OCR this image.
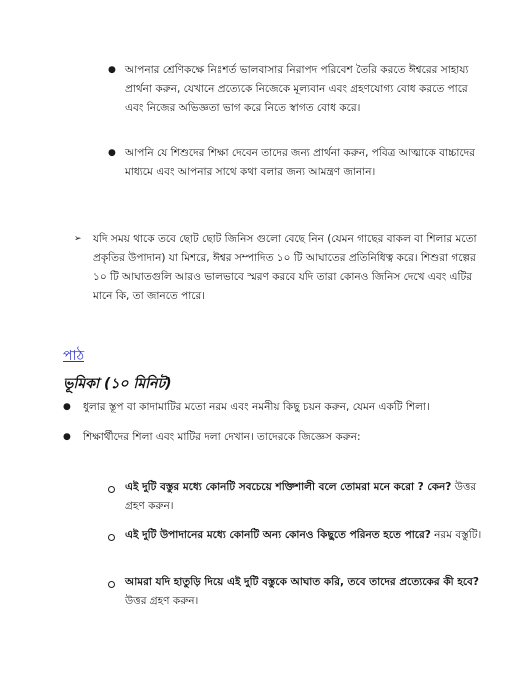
● আপনার শ্রেণিকক্ষে নিঃশর্ত ভালবাসার নিরাপদ পরিবেশ তৈরি করতে ঈশ্বরের সাহায্য প্রার্থনা করুন, যেখানে প্রত্যেকে নিজেকে মূল্যবান এবং গ্রহণযোগ্য বোধ করতে পারে এবং নিজের অভিজ্ঞতা ভাগ করে নিতে স্বাগত বোধ করে।

● আপনি যে শিশুদের শিক্ষা দেবেন তাদের জন্য প্রার্থনা করুন, পবিত্র আত্মাকে বাচ্চাদের মাধ্যমে এবং আপনার সাথে কথা বলার জন্য আমন্ত্রণ জানান।

➢ যদি সময় থাকে তবে ছোট ছোট জিনিস গুলো বেছে নিন (যেমন গাছের বাকল বা শিলার মতো প্রকৃতির উপাদান) যা মিশরে, ঈশ্বর সম্পাদিত ১০ টি আঘাতের প্রতিনিধিত্ব করে। শিশুরা গল্পের ১০ টি আঘাতগুলি আরও ভালভাবে স্মরণ করবে যদি তারা কোনও জিনিস দেখে এবং এটির মানে কি, তা জানতে পারে।

পাঠ

ভূমিকা (১০ মিনিট)

● ধুলার স্তূপ বা কাদামাটির মতো নরম এবং নমনীয় কিছু চয়ন করুন, যেমন একটি শিলা।

● শিক্ষার্থীদের শিলা এবং মাটির দলা দেখান। তাদেরকে জিজ্ঞেস করুন:

এই দুটি বস্তুর মধ্যে কোনটি সবচেয়ে শক্তিশালী বলে তোমরা মনে করো ? কেন? উত্তর গ্রহণ করুন।

এই দুটি উপাদানের মধ্যে কোনটি অন্য কোনও কিছুতে পরিনত হতে পারে? নরম বস্তুটি।

আমরা যদি হাতুড়ি দিয়ে এই দুটি বস্তুকে আঘাত করি, তবে তাদের প্রত্যেকের কী হবে? উত্তর গ্রহণ করুন।
